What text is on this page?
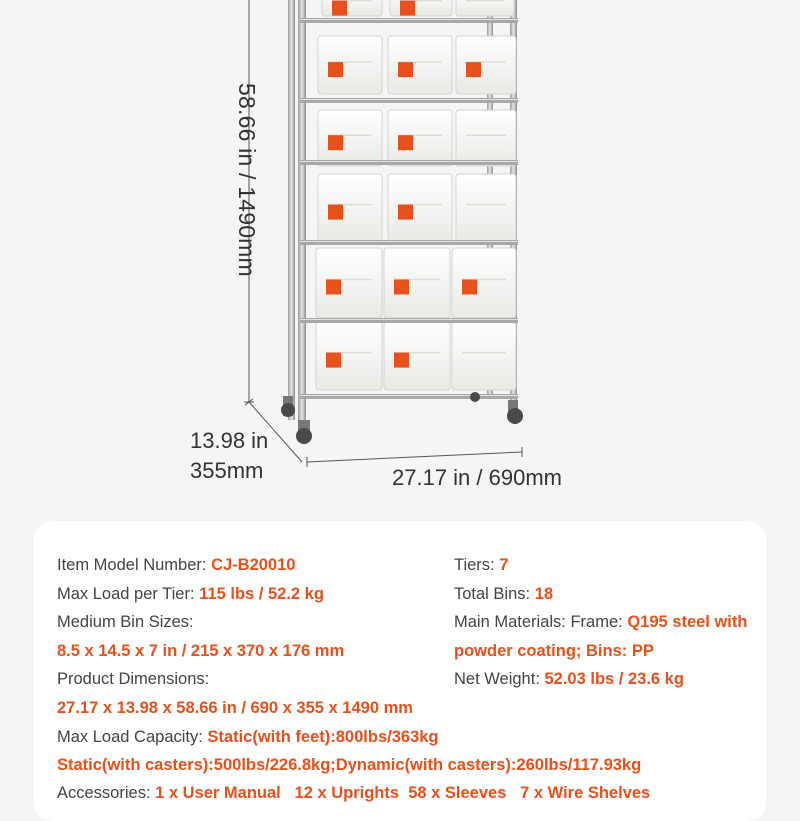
58.66 in / 1490mm
13.98 in
355mm	27.17 in / 690mm
Item Model Number: CJ-B20010	Tiers: 7
Max Load per Tier: 115 lbs / 52.2 kg	Total Bins: 18
Medium Bin Sizes:	Main Materials: Frame: Q195 steel with
8.5 x 14.5 x 7 in / 215 x 370 x 176 mm	powder coating; Bins: PP
Product Dimensions:	Net Weight: 52.03 lbs / 23.6 kg
27.17 x 13.98 x 58.66 in / 690 x 355 x 1490 mm
Max Load Capacity: Static(with feet):800lbs/363kg
Static(with casters):500lbs/226.8kg;Dynamic(with casters):260lbs/117.93kg
Accessories: 1 x User Manual   12 x Uprights  58 x Sleeves   7 x Wire Shelves
